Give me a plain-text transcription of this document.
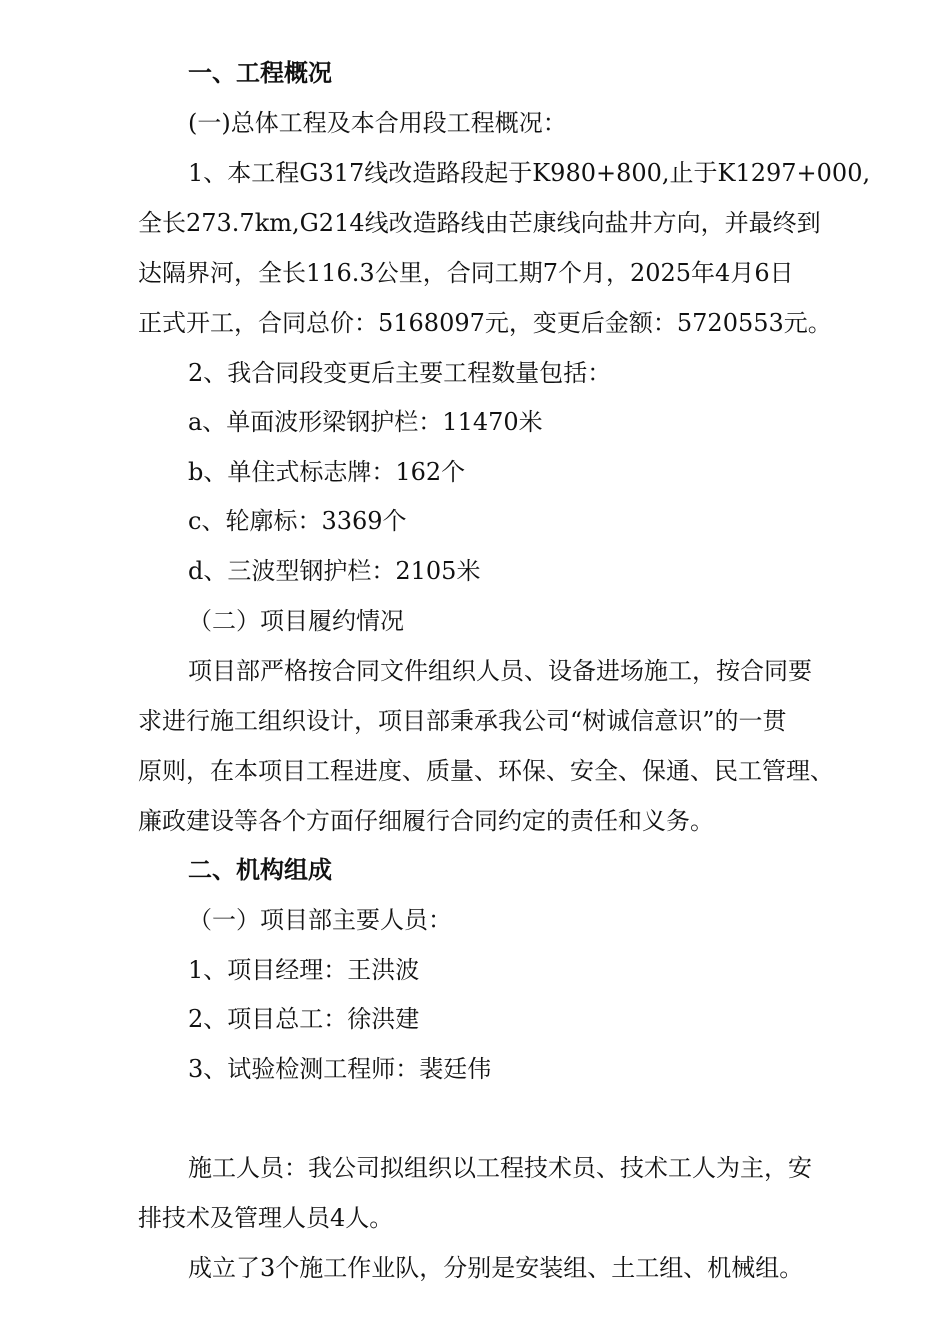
一、工程概况

(一)总体工程及本合用段工程概况：

1、本工程G317线改造路段起于K980+800,止于K1297+000,

全长273.7km,G214线改造路线由芒康线向盐井方向，并最终到

达隔界河，全长116.3公里，合同工期7个月，2025年4月6日

正式开工，合同总价：5168097元，变更后金额：5720553元。

2、我合同段变更后主要工程数量包括：

a、单面波形梁钢护栏：11470米

b、单住式标志牌：162个

c、轮廓标：3369个

d、三波型钢护栏：2105米

（二）项目履约情况

项目部严格按合同文件组织人员、设备进场施工，按合同要

求进行施工组织设计，项目部秉承我公司“树诚信意识”的一贯

原则，在本项目工程进度、质量、环保、安全、保通、民工管理、

廉政建设等各个方面仔细履行合同约定的责任和义务。

二、机构组成

（一）项目部主要人员：

1、项目经理：王洪波

2、项目总工：徐洪建

3、试验检测工程师：裴廷伟

施工人员：我公司拟组织以工程技术员、技术工人为主，安

排技术及管理人员4人。

成立了3个施工作业队，分别是安装组、土工组、机械组。
